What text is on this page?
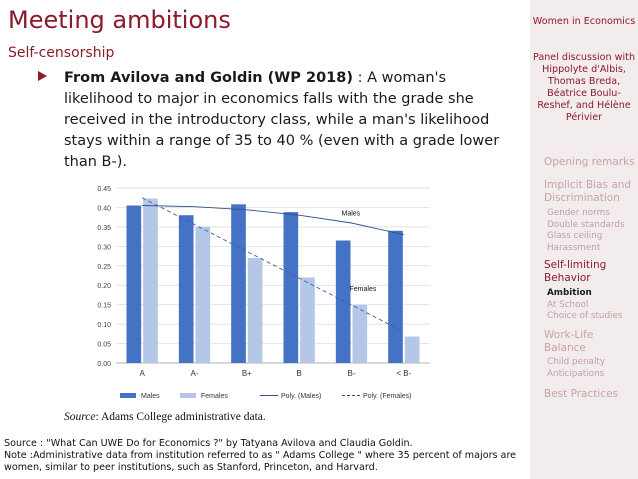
Meeting ambitions
Self-censorship
From Avilova and Goldin (WP 2018) : A woman's likelihood to major in economics falls with the grade she received in the introductory class, while a man's likelihood stays within a range of 35 to 40 % (even with a grade lower than B-).
0.00
0.05
0.10
0.15
0.20
0.25
0.30
0.35
0.40
0.45
A	A-	B+	B	B-	< B-
Males
Females
Males	Females	Poly. (Males)	Poly. (Females)
Source: Adams College administrative data.
Source : "What Can UWE Do for Economics ?" by Tatyana Avilova and Claudia Goldin.
Note :Administrative data from institution referred to as " Adams College " where 35 percent of majors are women, similar to peer institutions, such as Stanford, Princeton, and Harvard.
Women in Economics
Panel discussion with Hippolyte d'Albis, Thomas Breda, Béatrice Boulu-Reshef, and Hélène Périvier
Opening remarks
Implicit Bias and Discrimination
Gender norms
Double standards
Glass ceiling
Harassment
Self-limiting Behavior
Ambition
At School
Choice of studies
Work-Life Balance
Child penalty
Anticipations
Best Practices
